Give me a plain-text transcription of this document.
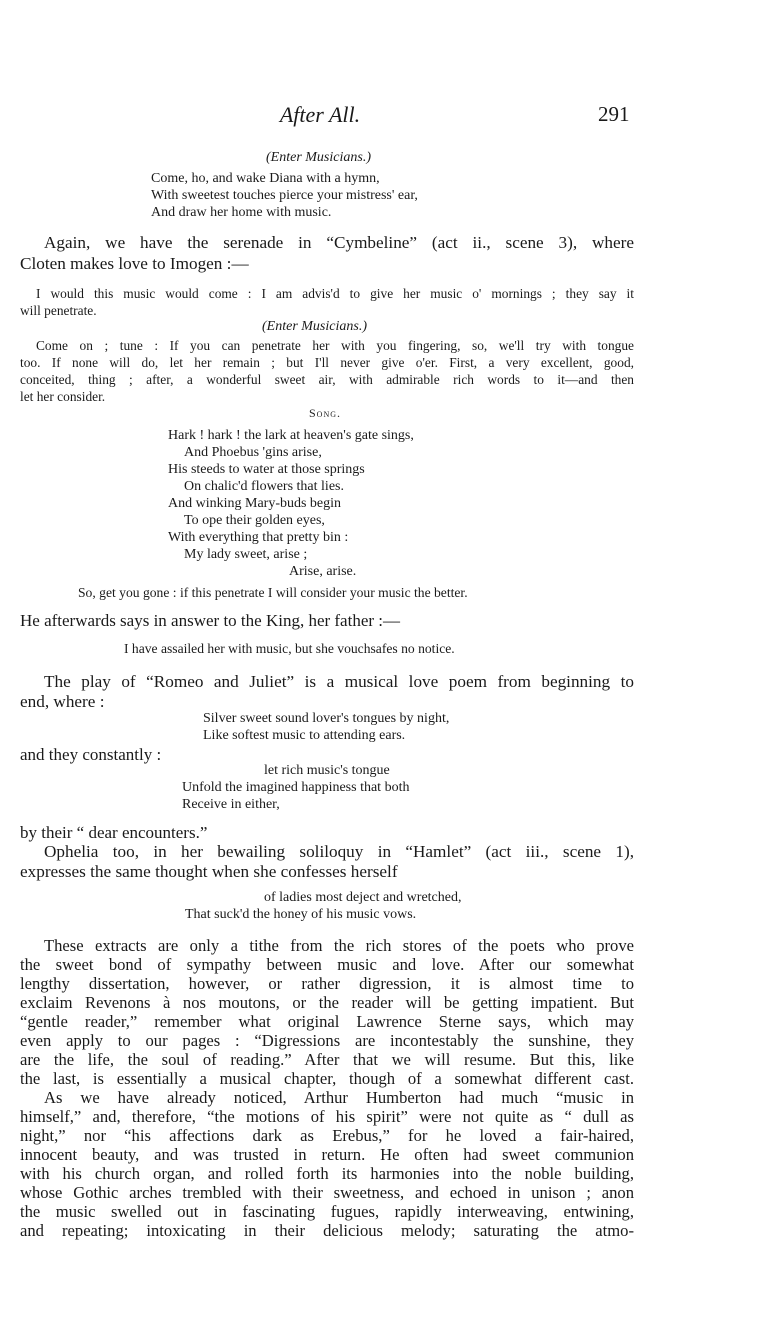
After All.	291
(Enter Musicians.)
Come, ho, and wake Diana with a hymn,
With sweetest touches pierce your mistress' ear,
And draw her home with music.
Again, we have the serenade in “Cymbeline” (act ii., scene 3), where
Cloten makes love to Imogen :—
I would this music would come : I am advis'd to give her music o' mornings ; they say it
will penetrate.
(Enter Musicians.)
Come on ; tune : If you can penetrate her with you fingering, so, we'll try with tongue
too. If none will do, let her remain ; but I'll never give o'er. First, a very excellent, good,
conceited, thing ; after, a wonderful sweet air, with admirable rich words to it—and then
let her consider.
Song.
Hark ! hark ! the lark at heaven's gate sings,
And Phoebus 'gins arise,
His steeds to water at those springs
On chalic'd flowers that lies.
And winking Mary-buds begin
To ope their golden eyes,
With everything that pretty bin :
My lady sweet, arise ;
Arise, arise.
So, get you gone : if this penetrate I will consider your music the better.
He afterwards says in answer to the King, her father :—
I have assailed her with music, but she vouchsafes no notice.
The play of “Romeo and Juliet” is a musical love poem from beginning to
end, where :
Silver sweet sound lover's tongues by night,
Like softest music to attending ears.
and they constantly :
let rich music's tongue
Unfold the imagined happiness that both
Receive in either,
by their “ dear encounters.”
Ophelia too, in her bewailing soliloquy in “Hamlet” (act iii., scene 1),
expresses the same thought when she confesses herself
of ladies most deject and wretched,
That suck'd the honey of his music vows.
These extracts are only a tithe from the rich stores of the poets who prove
the sweet bond of sympathy between music and love. After our somewhat
lengthy dissertation, however, or rather digression, it is almost time to
exclaim Revenons à nos moutons, or the reader will be getting impatient. But
“gentle reader,” remember what original Lawrence Sterne says, which may
even apply to our pages : “Digressions are incontestably the sunshine, they
are the life, the soul of reading.” After that we will resume. But this, like
the last, is essentially a musical chapter, though of a somewhat different cast.
As we have already noticed, Arthur Humberton had much “music in
himself,” and, therefore, “the motions of his spirit” were not quite as “ dull as
night,” nor “his affections dark as Erebus,” for he loved a fair-haired,
innocent beauty, and was trusted in return. He often had sweet communion
with his church organ, and rolled forth its harmonies into the noble building,
whose Gothic arches trembled with their sweetness, and echoed in unison ; anon
the music swelled out in fascinating fugues, rapidly interweaving, entwining,
and repeating; intoxicating in their delicious melody; saturating the atmo-
